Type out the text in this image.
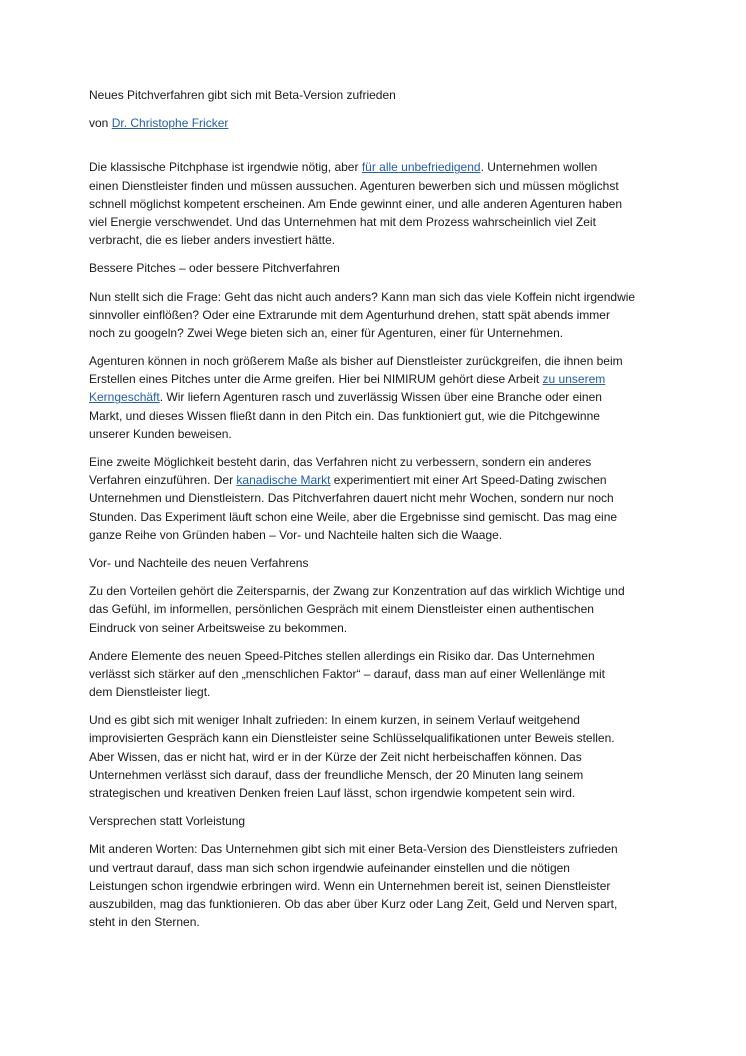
Neues Pitchverfahren gibt sich mit Beta-Version zufrieden
von Dr. Christophe Fricker
Die klassische Pitchphase ist irgendwie nötig, aber für alle unbefriedigend. Unternehmen wollen
einen Dienstleister finden und müssen aussuchen. Agenturen bewerben sich und müssen möglichst
schnell möglichst kompetent erscheinen. Am Ende gewinnt einer, und alle anderen Agenturen haben
viel Energie verschwendet. Und das Unternehmen hat mit dem Prozess wahrscheinlich viel Zeit
verbracht, die es lieber anders investiert hätte.
Bessere Pitches – oder bessere Pitchverfahren
Nun stellt sich die Frage: Geht das nicht auch anders? Kann man sich das viele Koffein nicht irgendwie
sinnvoller einflößen? Oder eine Extrarunde mit dem Agenturhund drehen, statt spät abends immer
noch zu googeln? Zwei Wege bieten sich an, einer für Agenturen, einer für Unternehmen.
Agenturen können in noch größerem Maße als bisher auf Dienstleister zurückgreifen, die ihnen beim
Erstellen eines Pitches unter die Arme greifen. Hier bei NIMIRUM gehört diese Arbeit zu unserem
Kerngeschäft. Wir liefern Agenturen rasch und zuverlässig Wissen über eine Branche oder einen
Markt, und dieses Wissen fließt dann in den Pitch ein. Das funktioniert gut, wie die Pitchgewinne
unserer Kunden beweisen.
Eine zweite Möglichkeit besteht darin, das Verfahren nicht zu verbessern, sondern ein anderes
Verfahren einzuführen. Der kanadische Markt experimentiert mit einer Art Speed-Dating zwischen
Unternehmen und Dienstleistern. Das Pitchverfahren dauert nicht mehr Wochen, sondern nur noch
Stunden. Das Experiment läuft schon eine Weile, aber die Ergebnisse sind gemischt. Das mag eine
ganze Reihe von Gründen haben – Vor- und Nachteile halten sich die Waage.
Vor- und Nachteile des neuen Verfahrens
Zu den Vorteilen gehört die Zeitersparnis, der Zwang zur Konzentration auf das wirklich Wichtige und
das Gefühl, im informellen, persönlichen Gespräch mit einem Dienstleister einen authentischen
Eindruck von seiner Arbeitsweise zu bekommen.
Andere Elemente des neuen Speed-Pitches stellen allerdings ein Risiko dar. Das Unternehmen
verlässt sich stärker auf den „menschlichen Faktor“ – darauf, dass man auf einer Wellenlänge mit
dem Dienstleister liegt.
Und es gibt sich mit weniger Inhalt zufrieden: In einem kurzen, in seinem Verlauf weitgehend
improvisierten Gespräch kann ein Dienstleister seine Schlüsselqualifikationen unter Beweis stellen.
Aber Wissen, das er nicht hat, wird er in der Kürze der Zeit nicht herbeischaffen können. Das
Unternehmen verlässt sich darauf, dass der freundliche Mensch, der 20 Minuten lang seinem
strategischen und kreativen Denken freien Lauf lässt, schon irgendwie kompetent sein wird.
Versprechen statt Vorleistung
Mit anderen Worten: Das Unternehmen gibt sich mit einer Beta-Version des Dienstleisters zufrieden
und vertraut darauf, dass man sich schon irgendwie aufeinander einstellen und die nötigen
Leistungen schon irgendwie erbringen wird. Wenn ein Unternehmen bereit ist, seinen Dienstleister
auszubilden, mag das funktionieren. Ob das aber über Kurz oder Lang Zeit, Geld und Nerven spart,
steht in den Sternen.
